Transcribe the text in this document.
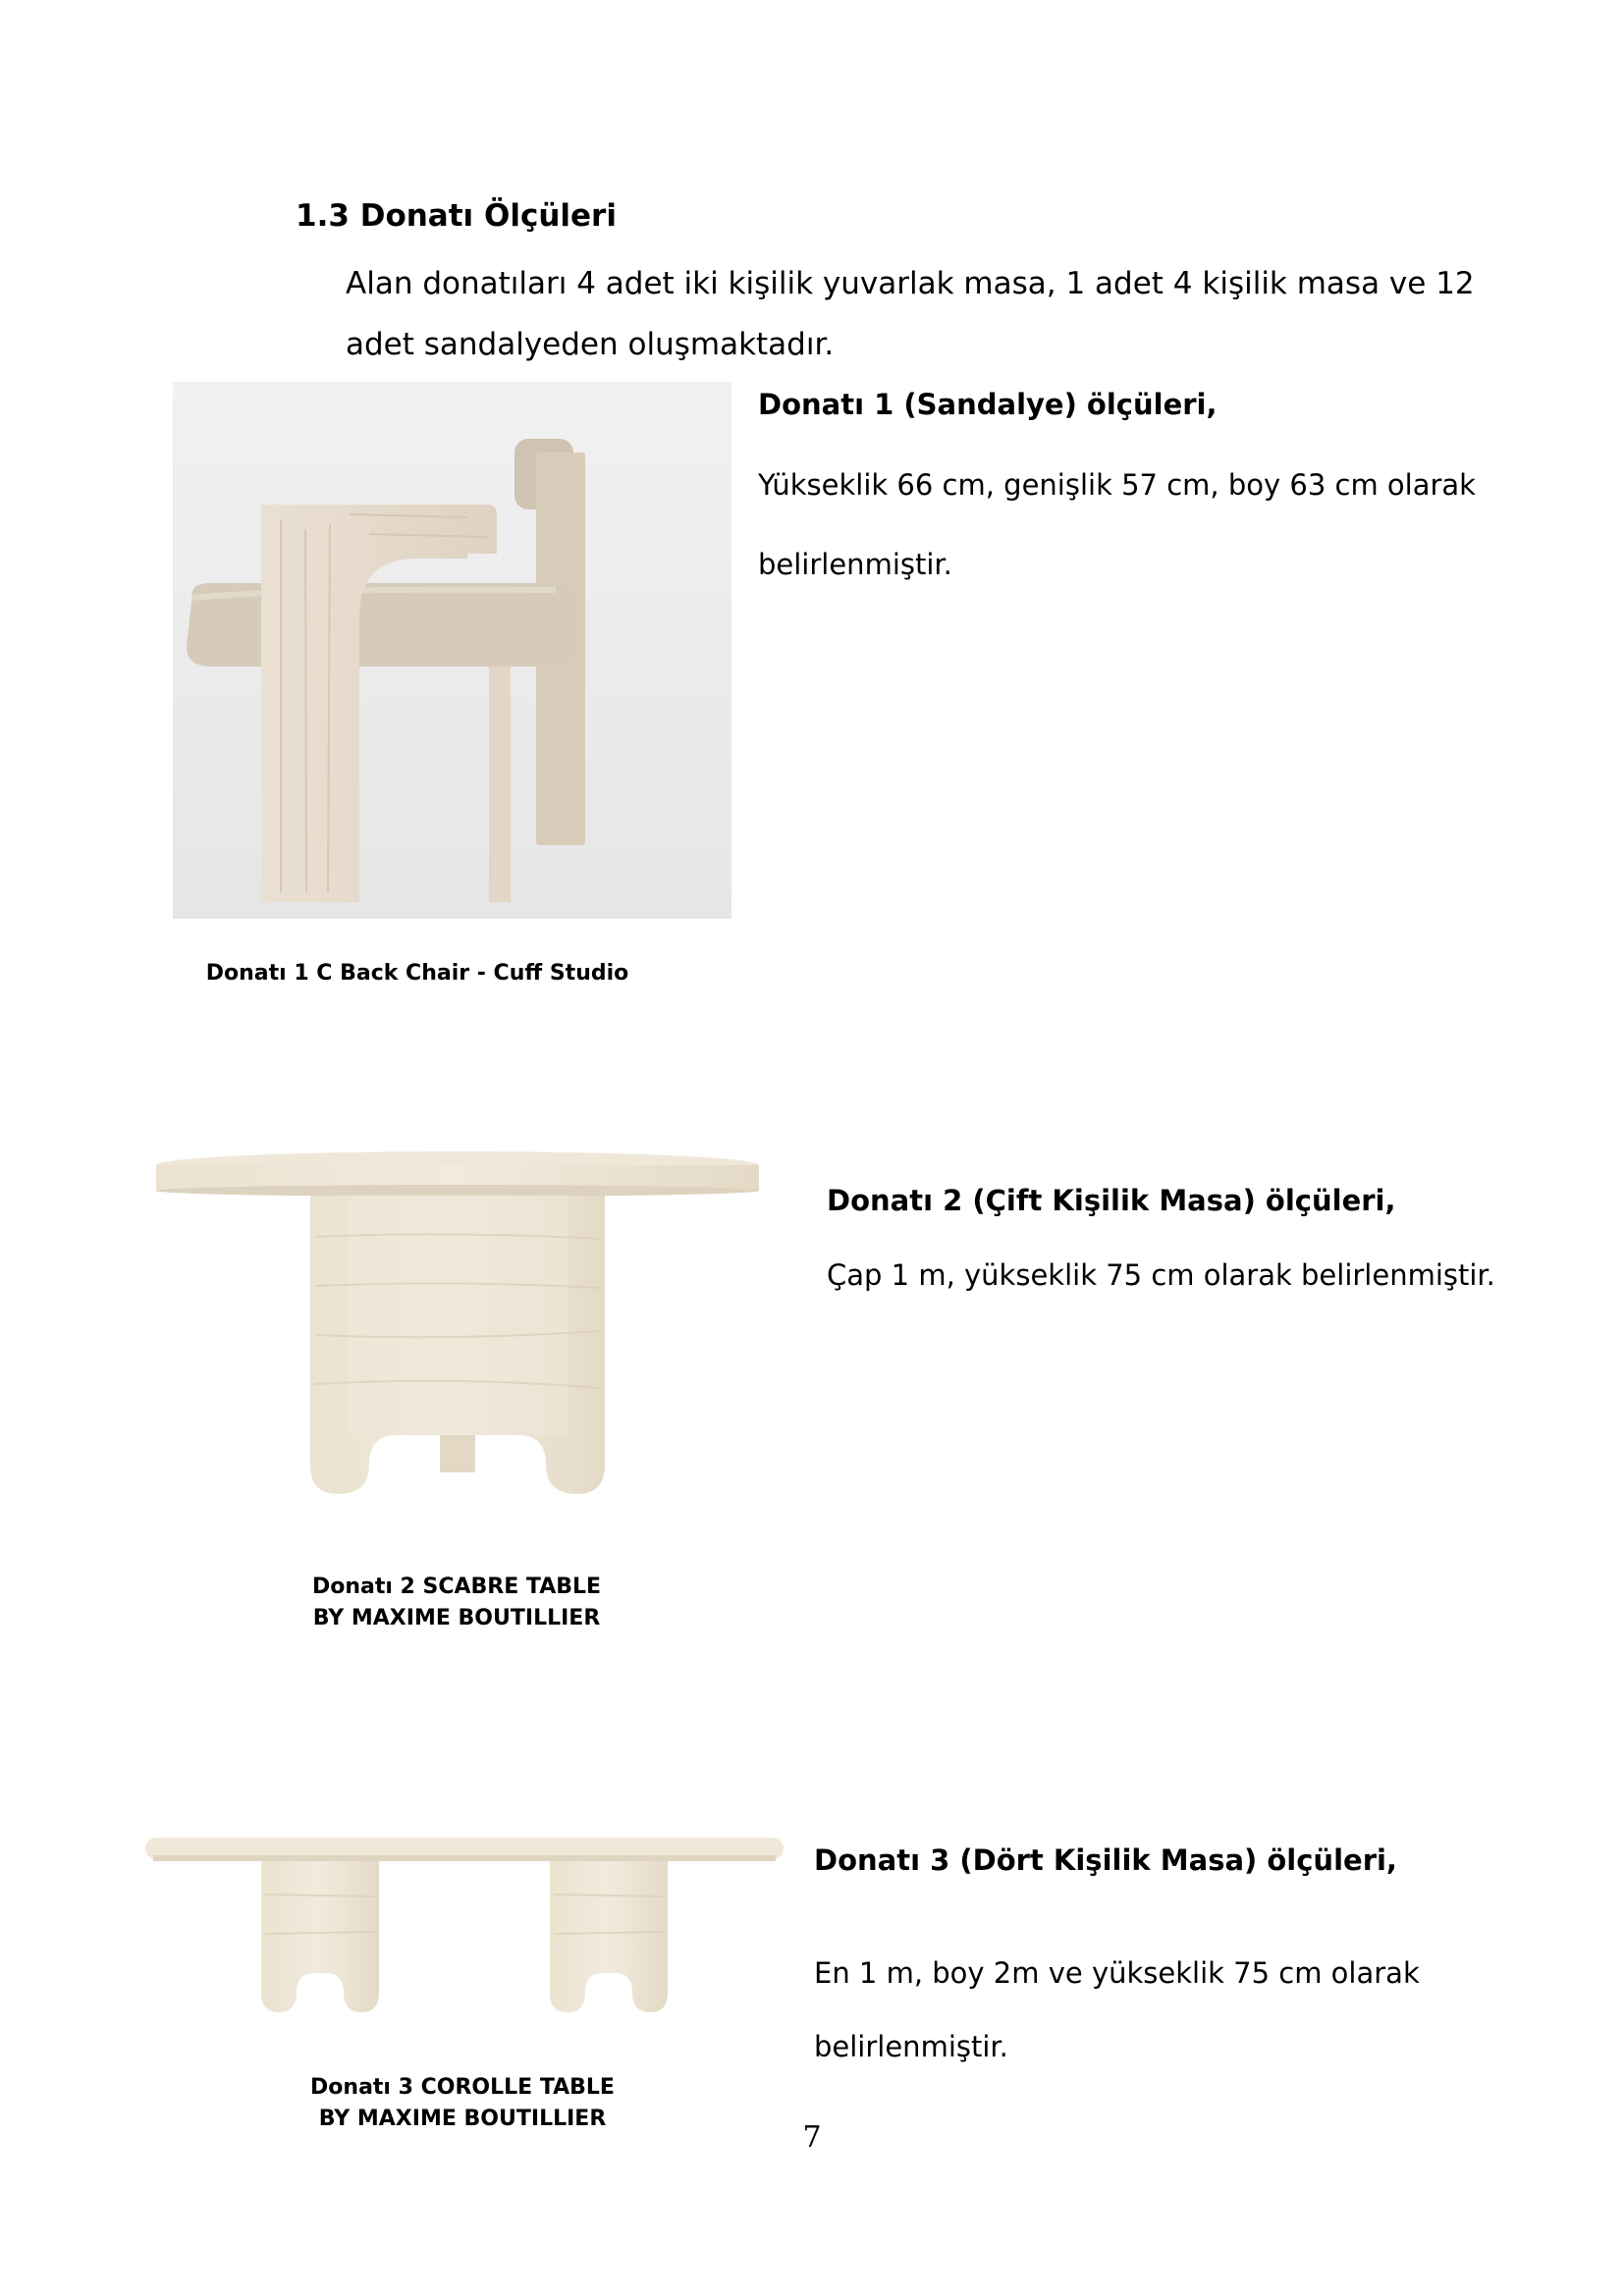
1.3 Donatı Ölçüleri

Alan donatıları 4 adet iki kişilik yuvarlak masa, 1 adet 4 kişilik masa ve 12 adet sandalyeden oluşmaktadır.

Donatı 1 (Sandalye) ölçüleri,

Yükseklik 66 cm, genişlik 57 cm, boy 63 cm olarak

belirlenmiştir.

Donatı 1 C Back Chair - Cuff Studio

Donatı 2 (Çift Kişilik Masa) ölçüleri,

Çap 1 m, yükseklik 75 cm olarak belirlenmiştir.

Donatı 2 SCABRE TABLE
BY MAXIME BOUTILLIER

Donatı 3 (Dört Kişilik Masa) ölçüleri,

En 1 m, boy 2m ve yükseklik 75 cm olarak

belirlenmiştir.

Donatı 3 COROLLE TABLE
BY MAXIME BOUTILLIER

7
